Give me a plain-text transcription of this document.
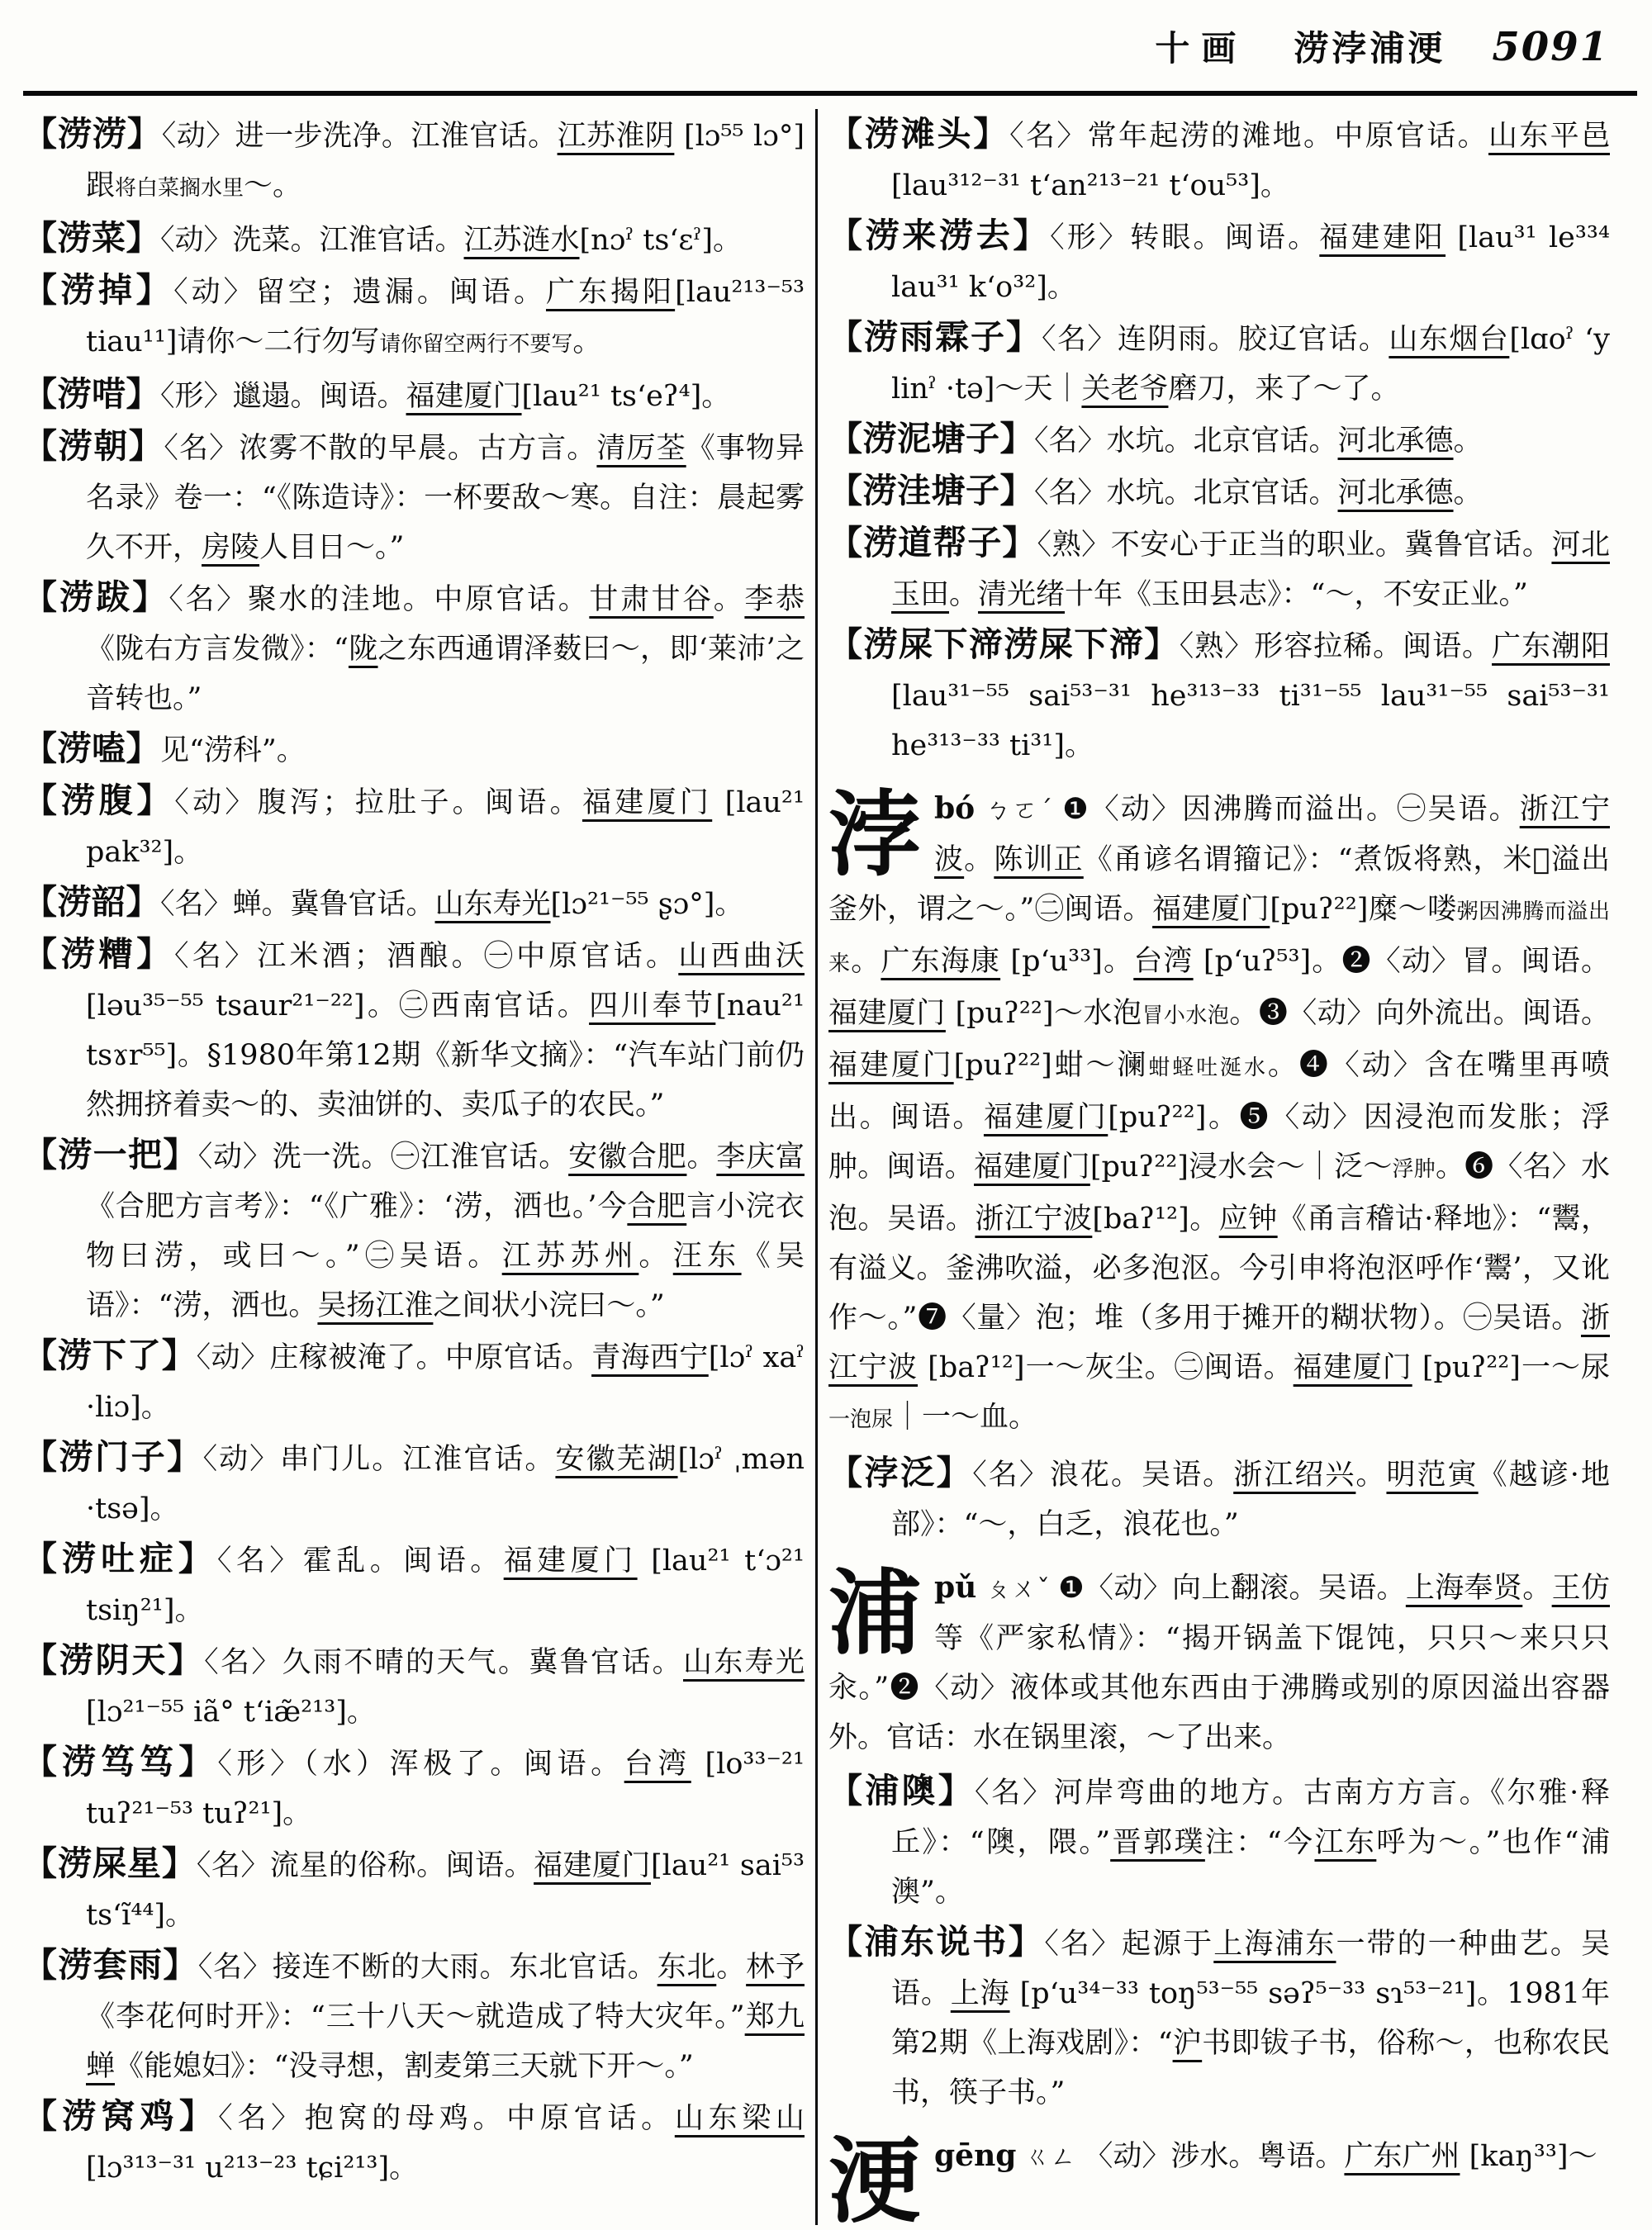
十画 涝浡浦浭 5091

【涝涝】〈动〉进一步洗净。江淮官话。江苏淮阴 [lɔ⁵⁵ lɔ°] 跟将白菜搁水里～。

【涝菜】〈动〉洗菜。江淮官话。江苏涟水[nɔˀ tsʻɛˀ]。

【涝掉】〈动〉留空；遗漏。闽语。广东揭阳[lau²¹³⁻⁵³ tiau¹¹]请你～二行勿写请你留空两行不要写。

【涝唶】〈形〉邋遢。闽语。福建厦门[lau²¹ tsʻeʔ⁴]。

【涝朝】〈名〉浓雾不散的早晨。古方言。清厉荃《事物异名录》卷一：“《陈造诗》：一杯要敌～寒。自注：晨起雾久不开，房陵人目日～。”

【涝跋】〈名〉聚水的洼地。中原官话。甘肃甘谷。李恭《陇右方言发微》：“陇之东西通谓泽薮曰～，即‘莱沛’之音转也。”

【涝嗑】见“涝科”。

【涝腹】〈动〉腹泻；拉肚子。闽语。福建厦门 [lau²¹ pak³²]。

【涝韶】〈名〉蝉。冀鲁官话。山东寿光[lɔ²¹⁻⁵⁵ ʂɔ°]。

【涝糟】〈名〉江米酒；酒酿。㊀中原官话。山西曲沃[ləu³⁵⁻⁵⁵ tsaur²¹⁻²²]。㊁西南官话。四川奉节[nau²¹ tsɤr⁵⁵]。§1980年第12期《新华文摘》：“汽车站门前仍然拥挤着卖～的、卖油饼的、卖瓜子的农民。”

【涝一把】〈动〉洗一洗。㊀江淮官话。安徽合肥。李庆富《合肥方言考》：“《广雅》：‘涝，洒也。’今合肥言小浣衣物曰涝，或曰～。”㊁吴语。江苏苏州。汪东《吴语》：“涝，洒也。吴扬江淮之间状小浣曰～。”

【涝下了】〈动〉庄稼被淹了。中原官话。青海西宁[lɔˀ xaˀ ·liɔ]。

【涝门子】〈动〉串门儿。江淮官话。安徽芜湖[lɔˀ ˌmən ·tsə]。

【涝吐症】〈名〉霍乱。闽语。福建厦门 [lau²¹ tʻɔ²¹ tsiŋ²¹]。

【涝阴天】〈名〉久雨不晴的天气。冀鲁官话。山东寿光[lɔ²¹⁻⁵⁵ iã° tʻiæ̃²¹³]。

【涝笃笃】〈形〉（水）浑极了。闽语。台湾 [lo³³⁻²¹ tuʔ²¹⁻⁵³ tuʔ²¹]。

【涝屎星】〈名〉流星的俗称。闽语。福建厦门[lau²¹ sai⁵³ tsʻĩ⁴⁴]。

【涝套雨】〈名〉接连不断的大雨。东北官话。东北。林予《李花何时开》：“三十八天～就造成了特大灾年。”郑九蝉《能媳妇》：“没寻想，割麦第三天就下开～。”

【涝窝鸡】〈名〉抱窝的母鸡。中原官话。山东梁山[lɔ³¹³⁻³¹ u²¹³⁻²³ tɕi²¹³]。

【涝滩头】〈名〉常年起涝的滩地。中原官话。山东平邑[lau³¹²⁻³¹ tʻan²¹³⁻²¹ tʻou⁵³]。

【涝来涝去】〈形〉转眼。闽语。福建建阳 [lau³¹ le³³⁴ lau³¹ kʻo³²]。

【涝雨霖子】〈名〉连阴雨。胶辽官话。山东烟台[lɑoˀ ʻy linˀ ·tə]～天｜关老爷磨刀，来了～了。

【涝泥塘子】〈名〉水坑。北京官话。河北承德。

【涝洼塘子】〈名〉水坑。北京官话。河北承德。

【涝道帮子】〈熟〉不安心于正当的职业。冀鲁官话。河北玉田。清光绪十年《玉田县志》：“～，不安正业。”

【涝屎下渧涝屎下渧】〈熟〉形容拉稀。闽语。广东潮阳[lau³¹⁻⁵⁵ sai⁵³⁻³¹ he³¹³⁻³³ ti³¹⁻⁵⁵ lau³¹⁻⁵⁵ sai⁵³⁻³¹ he³¹³⁻³³ ti³¹]。

浡bó ㄅㄛˊ ❶〈动〉因沸腾而溢出。㊀吴语。浙江宁波。陈训正《甬谚名谓籀记》：“煮饭将熟，米𥺅溢出釜外，谓之～。”㊁闽语。福建厦门[puʔ²²]糜～喽粥因沸腾而溢出来。广东海康 [pʻu³³]。台湾 [pʻuʔ⁵³]。❷〈动〉冒。闽语。福建厦门 [puʔ²²]～水泡冒小水泡。❸〈动〉向外流出。闽语。福建厦门[puʔ²²]蚶～澜蚶蛏吐涎水。❹〈动〉含在嘴里再喷出。闽语。福建厦门[puʔ²²]。❺〈动〉因浸泡而发胀；浮肿。闽语。福建厦门[puʔ²²]浸水会～｜泛～浮肿。❻〈名〉水泡。吴语。浙江宁波[baʔ¹²]。应钟《甬言稽诂·释地》：“鬻，有溢义。釜沸吹溢，必多泡沤。今引申将泡沤呼作‘鬻’，又讹作～。”❼〈量〉泡；堆（多用于摊开的糊状物）。㊀吴语。浙江宁波 [baʔ¹²]一～灰尘。㊁闽语。福建厦门 [puʔ²²]一～尿一泡尿｜一～血。

【浡泛】〈名〉浪花。吴语。浙江绍兴。明范寅《越谚·地部》：“～，白乏，浪花也。”

浦pǔ ㄆㄨˇ ❶〈动〉向上翻滚。吴语。上海奉贤。王仿等《严家私情》：“揭开锅盖下馄饨，只只～来只只汆。”❷〈动〉液体或其他东西由于沸腾或别的原因溢出容器外。官话：水在锅里滚，～了出来。

【浦隩】〈名〉河岸弯曲的地方。古南方方言。《尔雅·释丘》：“隩，隈。”晋郭璞注：“今江东呼为～。”也作“浦澳”。

【浦东说书】〈名〉起源于上海浦东一带的一种曲艺。吴语。上海 [pʻu³⁴⁻³³ toŋ⁵³⁻⁵⁵ səʔ⁵⁻³³ sɿ⁵³⁻²¹]。1981年第2期《上海戏剧》：“沪书即钹子书，俗称～，也称农民书，筷子书。”

浭gēng ㄍㄥ 〈动〉涉水。粤语。广东广州 [kaŋ³³]～
